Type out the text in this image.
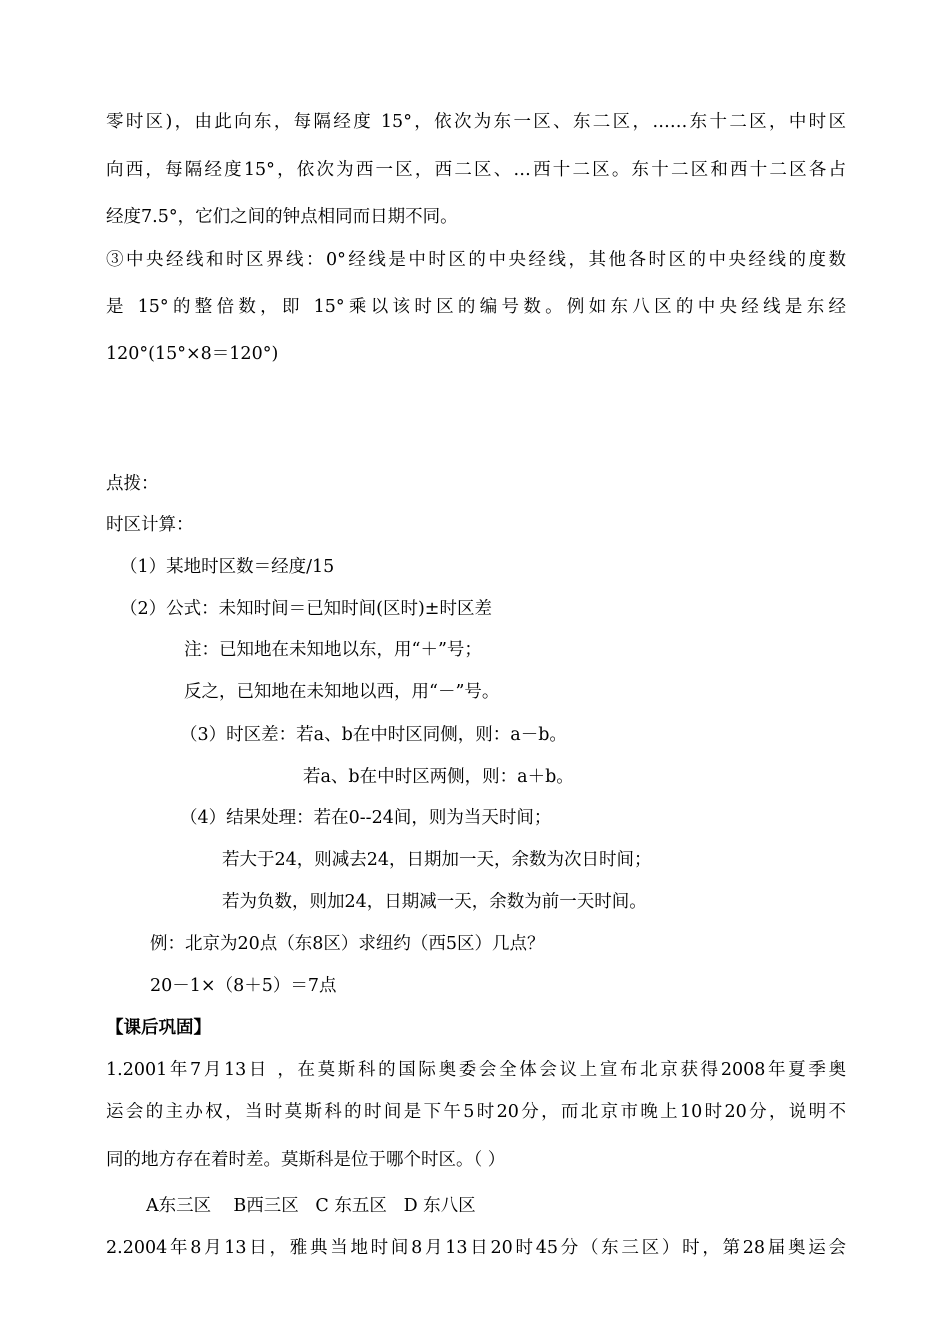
零时区)，由此向东，每隔经度 15°，依次为东一区、东二区，……东十二区，中时区
向西，每隔经度15°，依次为西一区，西二区、…西十二区。东十二区和西十二区各占
经度7.5°，它们之间的钟点相同而日期不同。
③中央经线和时区界线：0°经线是中时区的中央经线，其他各时区的中央经线的度数
是 15°的整倍数，即 15°乘以该时区的编号数。例如东八区的中央经线是东经
120°(15°×8＝120°)
点拨：
时区计算：
（1）某地时区数＝经度/15
（2）公式：未知时间＝已知时间(区时)±时区差
注：已知地在未知地以东，用“＋”号；
反之，已知地在未知地以西，用“－”号。
（3）时区差：若a、b在中时区同侧，则：a－b。
若a、b在中时区两侧，则：a＋b。
（4）结果处理：若在0--24间，则为当天时间；
若大于24，则减去24，日期加一天，余数为次日时间；
若为负数，则加24，日期减一天，余数为前一天时间。
例：北京为20点（东8区）求纽约（西5区）几点？
20－1×（8＋5）＝7点
【课后巩固】
1.2001年7月13日 ，在莫斯科的国际奥委会全体会议上宣布北京获得2008年夏季奥
运会的主办权，当时莫斯科的时间是下午5时20分，而北京市晚上10时20分，说明不
同的地方存在着时差。莫斯科是位于哪个时区。（ ）
A东三区    B西三区   C 东五区   D 东八区
2.2004年8月13日，雅典当地时间8月13日20时45分（东三区）时，第28届奥运会
